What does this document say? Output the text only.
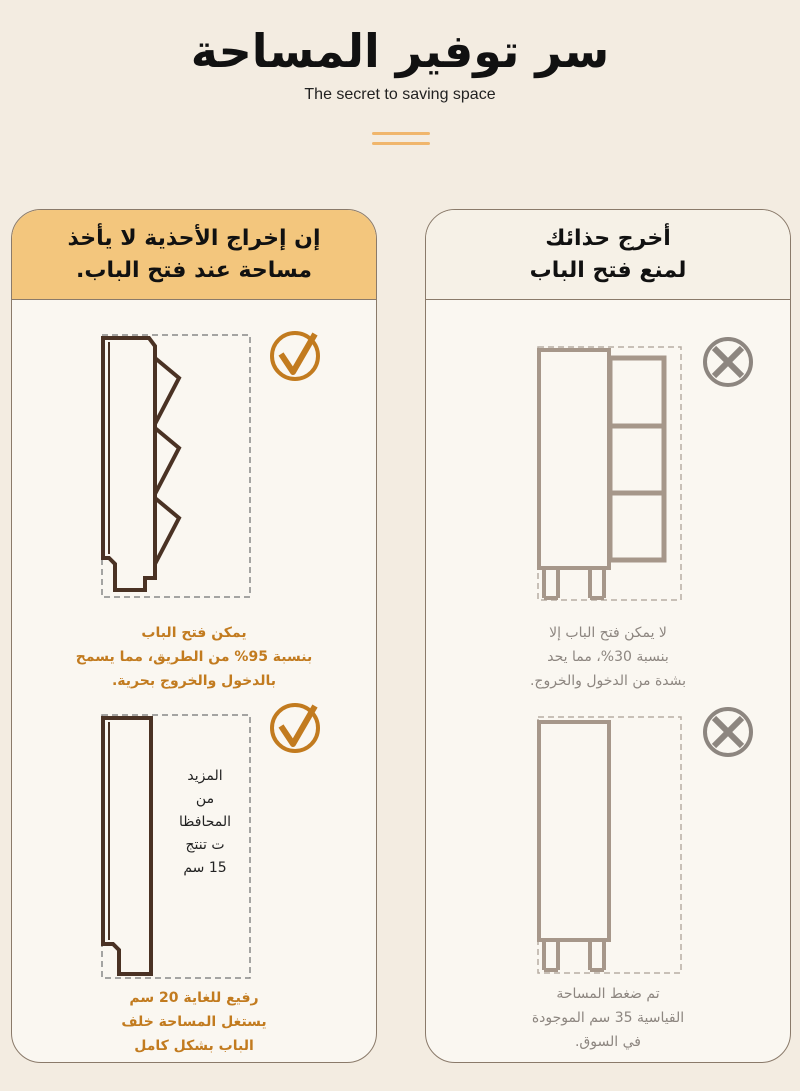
سر توفير المساحة
The secret to saving space
إن إخراج الأحذية لا يأخذ
مساحة عند فتح الباب.
يمكن فتح الباب
بنسبة 95% من الطريق، مما يسمح
بالدخول والخروج بحرية.
المزيد
من
المحافظا
ت تنتج
15 سم
رفيع للغاية 20 سم
يستغل المساحة خلف
الباب بشكل كامل
أخرج حذائك
لمنع فتح الباب
لا يمكن فتح الباب إلا
بنسبة 30%، مما يحد
بشدة من الدخول والخروج.
تم ضغط المساحة
القياسية 35 سم الموجودة
في السوق.
